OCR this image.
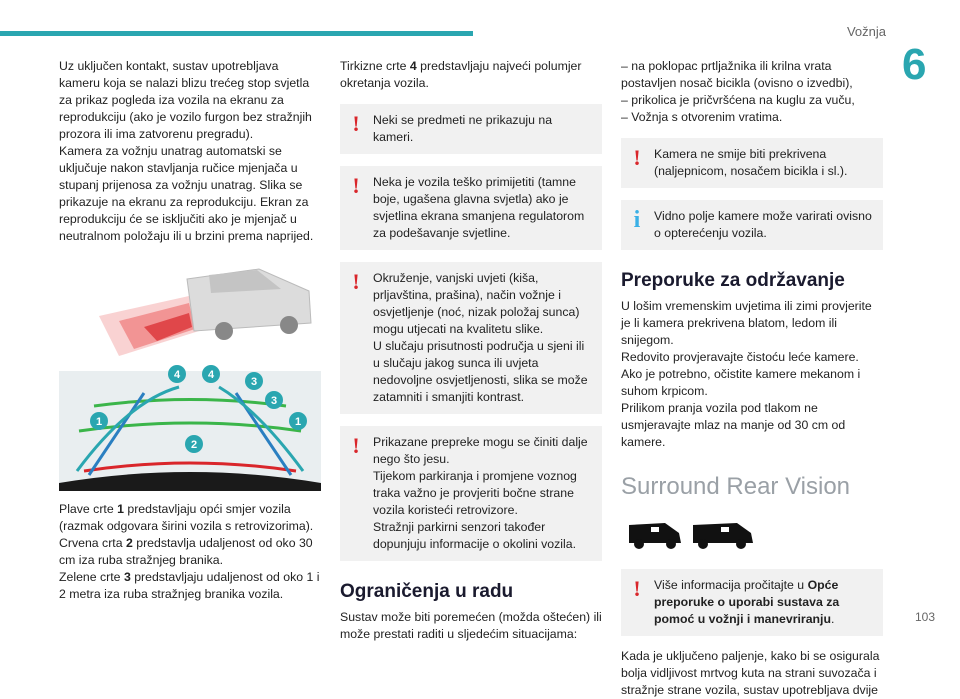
Vožnja
6
103

Uz uključen kontakt, sustav upotrebljava kameru koja se nalazi blizu trećeg stop svjetla za prikaz pogleda iza vozila na ekranu za reprodukciju (ako je vozilo furgon bez stražnjih prozora ili ima zatvorenu pregradu).

Kamera za vožnju unatrag automatski se uključuje nakon stavljanja ručice mjenjača u stupanj prijenosa za vožnju unatrag. Slika se prikazuje na ekranu za reprodukciju. Ekran za reprodukciju će se isključiti ako je mjenjač u neutralnom položaju ili u brzini prema naprijed.

1	1
2
3
3
4	4

Plave crte 1 predstavljaju opći smjer vozila (razmak odgovara širini vozila s retrovizorima).

Crvena crta 2 predstavlja udaljenost od oko 30 cm iza ruba stražnjeg branika.

Zelene crte 3 predstavljaju udaljenost od oko 1 i 2 metra iza ruba stražnjeg branika vozila.

Tirkizne crte 4 predstavljaju najveći polumjer okretanja vozila.

! Neki se predmeti ne prikazuju na kameri.

! Neka je vozila teško primijetiti (tamne boje, ugašena glavna svjetla) ako je svjetlina ekrana smanjena regulatorom za podešavanje svjetline.

! Okruženje, vanjski uvjeti (kiša, prljavština, prašina), način vožnje i osvjetljenje (noć, nizak položaj sunca) mogu utjecati na kvalitetu slike.

U slučaju prisutnosti područja u sjeni ili u slučaju jakog sunca ili uvjeta nedovoljne osvjetljenosti, slika se može zatamniti i smanjiti kontrast.

! Prikazane prepreke mogu se činiti dalje nego što jesu.

Tijekom parkiranja i promjene voznog traka važno je provjeriti bočne strane vozila koristeći retrovizore.

Stražnji parkirni senzori također dopunjuju informacije o okolini vozila.

Ograničenja u radu

Sustav može biti poremećen (možda oštećen) ili može prestati raditi u sljedećim situacijama:

– na poklopac prtljažnika ili krilna vrata postavljen nosač bicikla (ovisno o izvedbi),

– prikolica je pričvršćena na kuglu za vuču,

– Vožnja s otvorenim vratima.

! Kamera ne smije biti prekrivena (naljepnicom, nosačem bicikla i sl.).

i Vidno polje kamere može varirati ovisno o opterećenju vozila.

Preporuke za održavanje

U lošim vremenskim uvjetima ili zimi provjerite je li kamera prekrivena blatom, ledom ili snijegom.

Redovito provjeravajte čistoću leće kamere.

Ako je potrebno, očistite kamere mekanom i suhom krpicom.

Prilikom pranja vozila pod tlakom ne usmjeravajte mlaz na manje od 30 cm od kamere.

Surround Rear Vision
! Više informacija pročitajte u Opće preporuke o uporabi sustava za pomoć u vožnji i manevriranju.

Kada je uključeno paljenje, kako bi se osigurala bolja vidljivost mrtvog kuta na strani suvozača i stražnje strane vozila, sustav upotrebljava dvije
